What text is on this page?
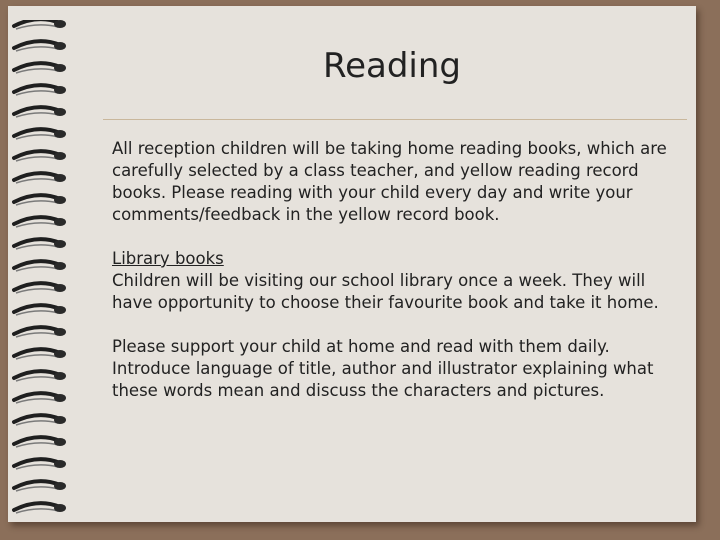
Reading

All reception children will be taking home reading books, which are carefully selected by a class teacher, and yellow reading record books. Please reading with your child every day and write your comments/feedback in the yellow record book.

Library books
Children will be visiting our school library once a week. They will have opportunity to choose their favourite book and take it home.

Please support your child at home and read with them daily. Introduce language of title, author and illustrator explaining what these words mean and discuss the characters and pictures.
